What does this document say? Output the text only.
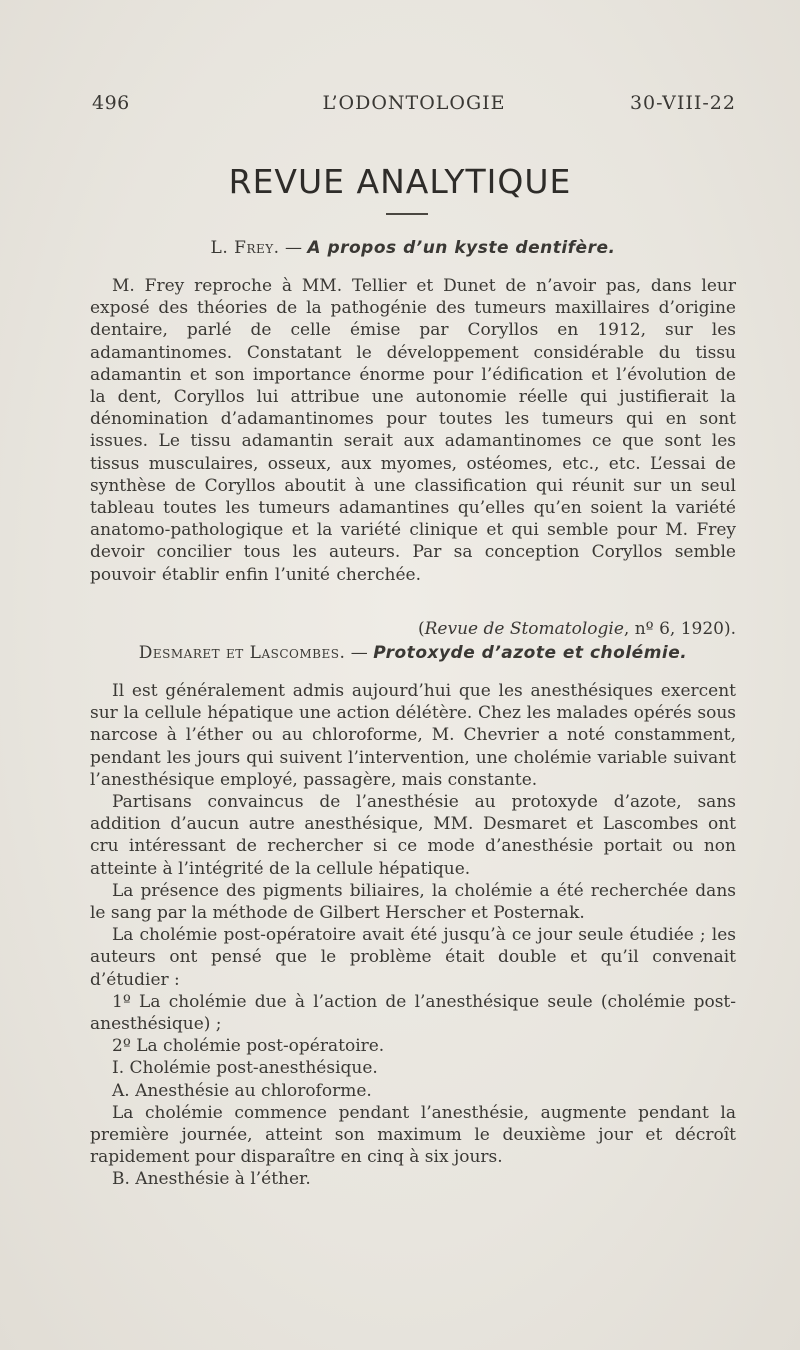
496	L’ODONTOLOGIE	30-VIII-22
REVUE ANALYTIQUE
L. Frey. — A propos d’un kyste dentifère.

M. Frey reproche à MM. Tellier et Dunet de n’avoir pas, dans leur exposé des théories de la pathogénie des tumeurs maxillaires d’origine dentaire, parlé de celle émise par Coryllos en 1912, sur les adamantinomes. Constatant le développement considérable du tissu adamantin et son importance énorme pour l’édification et l’évolution de la dent, Coryllos lui attribue une autonomie réelle qui justifierait la dénomination d’adamantinomes pour toutes les tumeurs qui en sont issues. Le tissu adamantin serait aux adamantinomes ce que sont les tissus musculaires, osseux, aux myomes, ostéomes, etc., etc. L’essai de synthèse de Coryllos aboutit à une classification qui réunit sur un seul tableau toutes les tumeurs adamantines qu’elles qu’en soient la variété anatomo-pathologique et la variété clinique et qui semble pour M. Frey devoir concilier tous les auteurs. Par sa conception Coryllos semble pouvoir établir enfin l’unité cherchée.

(Revue de Stomatologie, nº 6, 1920).
Desmaret et Lascombes. — Protoxyde d’azote et cholémie.

Il est généralement admis aujourd’hui que les anesthésiques exercent sur la cellule hépatique une action délétère. Chez les malades opérés sous narcose à l’éther ou au chloroforme, M. Chevrier a noté constamment, pendant les jours qui suivent l’intervention, une cholémie variable suivant l’anesthésique employé, passagère, mais constante.

Partisans convaincus de l’anesthésie au protoxyde d’azote, sans addition d’aucun autre anesthésique, MM. Desmaret et Lascombes ont cru intéressant de rechercher si ce mode d’anesthésie portait ou non atteinte à l’intégrité de la cellule hépatique.

La présence des pigments biliaires, la cholémie a été recherchée dans le sang par la méthode de Gilbert Herscher et Posternak.

La cholémie post-opératoire avait été jusqu’à ce jour seule étudiée ; les auteurs ont pensé que le problème était double et qu’il convenait d’étudier :

1º La cholémie due à l’action de l’anesthésique seule (cholémie post-anesthésique) ;

2º La cholémie post-opératoire.

I. Cholémie post-anesthésique.

A. Anesthésie au chloroforme.

La cholémie commence pendant l’anesthésie, augmente pendant la première journée, atteint son maximum le deuxième jour et décroît rapidement pour disparaître en cinq à six jours.

B. Anesthésie à l’éther.
